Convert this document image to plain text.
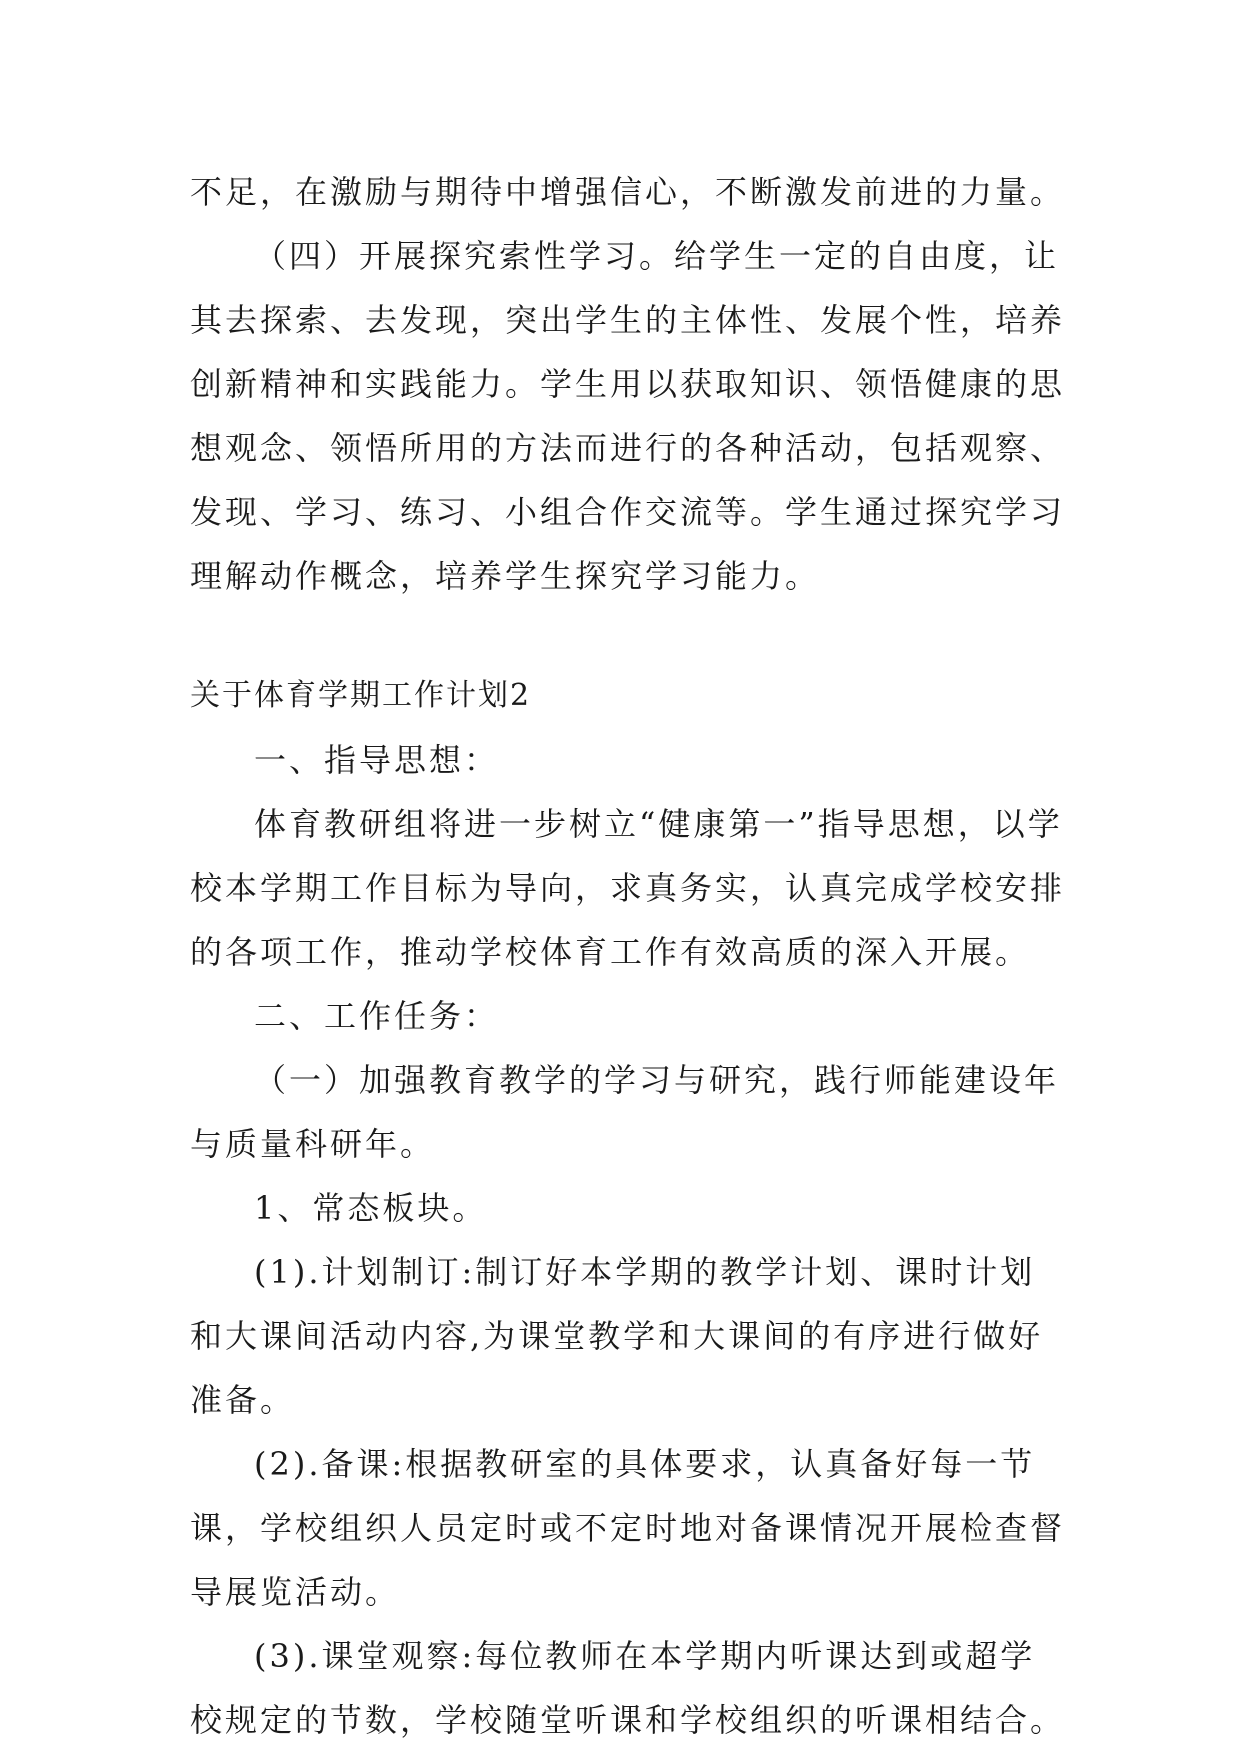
不足，在激励与期待中增强信心，不断激发前进的力量。

（四）开展探究索性学习。给学生一定的自由度，让其去探索、去发现，突出学生的主体性、发展个性，培养创新精神和实践能力。学生用以获取知识、领悟健康的思想观念、领悟所用的方法而进行的各种活动，包括观察、发现、学习、练习、小组合作交流等。学生通过探究学习理解动作概念，培养学生探究学习能力。

关于体育学期工作计划2

一、指导思想：

体育教研组将进一步树立“健康第一”指导思想，以学校本学期工作目标为导向，求真务实，认真完成学校安排的各项工作，推动学校体育工作有效高质的深入开展。

二、工作任务：

（一）加强教育教学的学习与研究，践行师能建设年与质量科研年。

1、常态板块。

(1).计划制订:制订好本学期的教学计划、课时计划和大课间活动内容,为课堂教学和大课间的有序进行做好准备。

(2).备课:根据教研室的具体要求，认真备好每一节课，学校组织人员定时或不定时地对备课情况开展检查督导展览活动。

(3).课堂观察:每位教师在本学期内听课达到或超学校规定的节数，学校随堂听课和学校组织的听课相结合。
